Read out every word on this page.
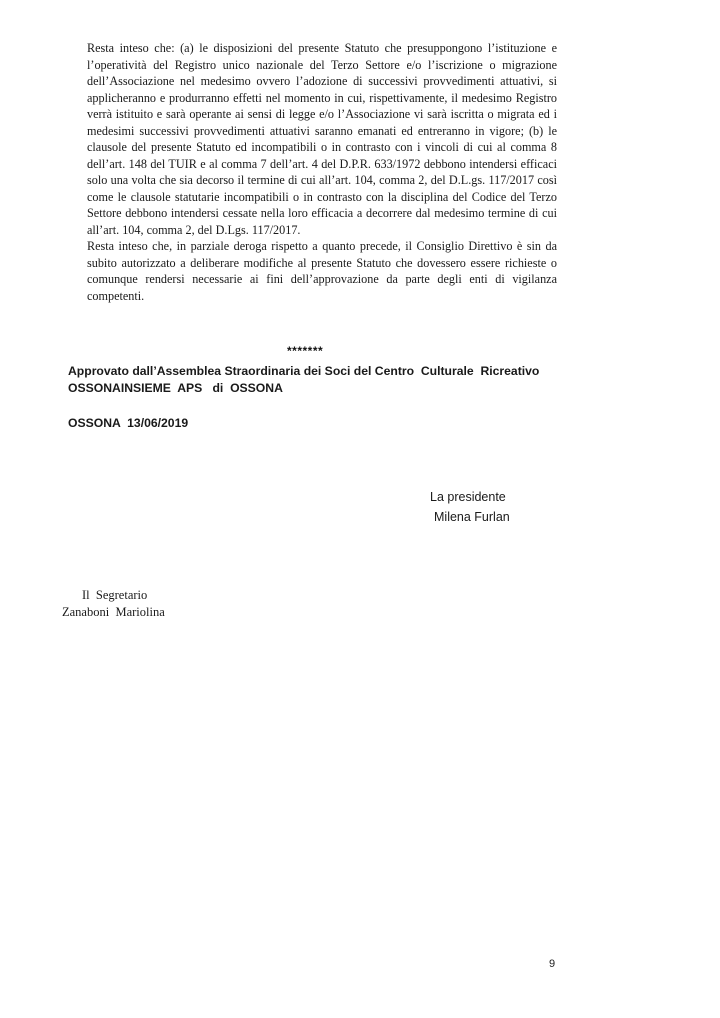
Resta inteso che: (a) le disposizioni del presente Statuto che presuppongono l’istituzione e l’operatività del Registro unico nazionale del Terzo Settore e/o l’iscrizione o migrazione dell’Associazione nel medesimo ovvero l’adozione di successivi provvedimenti attuativi, si applicheranno e produrranno effetti nel momento in cui, rispettivamente, il medesimo Registro verrà istituito e sarà operante ai sensi di legge e/o l’Associazione vi sarà iscritta o migrata ed i medesimi successivi provvedimenti attuativi saranno emanati ed entreranno in vigore; (b) le clausole del presente Statuto ed incompatibili o in contrasto con i vincoli di cui al comma 8 dell’art. 148 del TUIR e al comma 7 dell’art. 4 del D.P.R. 633/1972 debbono intendersi efficaci solo una volta che sia decorso il termine di cui all’art. 104, comma 2, del D.L.gs. 117/2017 così come le clausole statutarie incompatibili o in contrasto con la disciplina del Codice del Terzo Settore debbono intendersi cessate nella loro efficacia a decorrere dal medesimo termine di cui all’art. 104, comma 2, del D.Lgs. 117/2017.

Resta inteso che, in parziale deroga rispetto a quanto precede, il Consiglio Direttivo è sin da subito autorizzato a deliberare modifiche al presente Statuto che dovessero essere richieste o comunque rendersi necessarie ai fini dell’approvazione da parte degli enti di vigilanza competenti.

*******
Approvato dall’Assemblea Straordinaria dei Soci del Centro  Culturale  Ricreativo
OSSONAINSIEME  APS   di  OSSONA
OSSONA  13/06/2019
La presidente
Milena Furlan
Il  Segretario
Zanaboni  Mariolina
9
